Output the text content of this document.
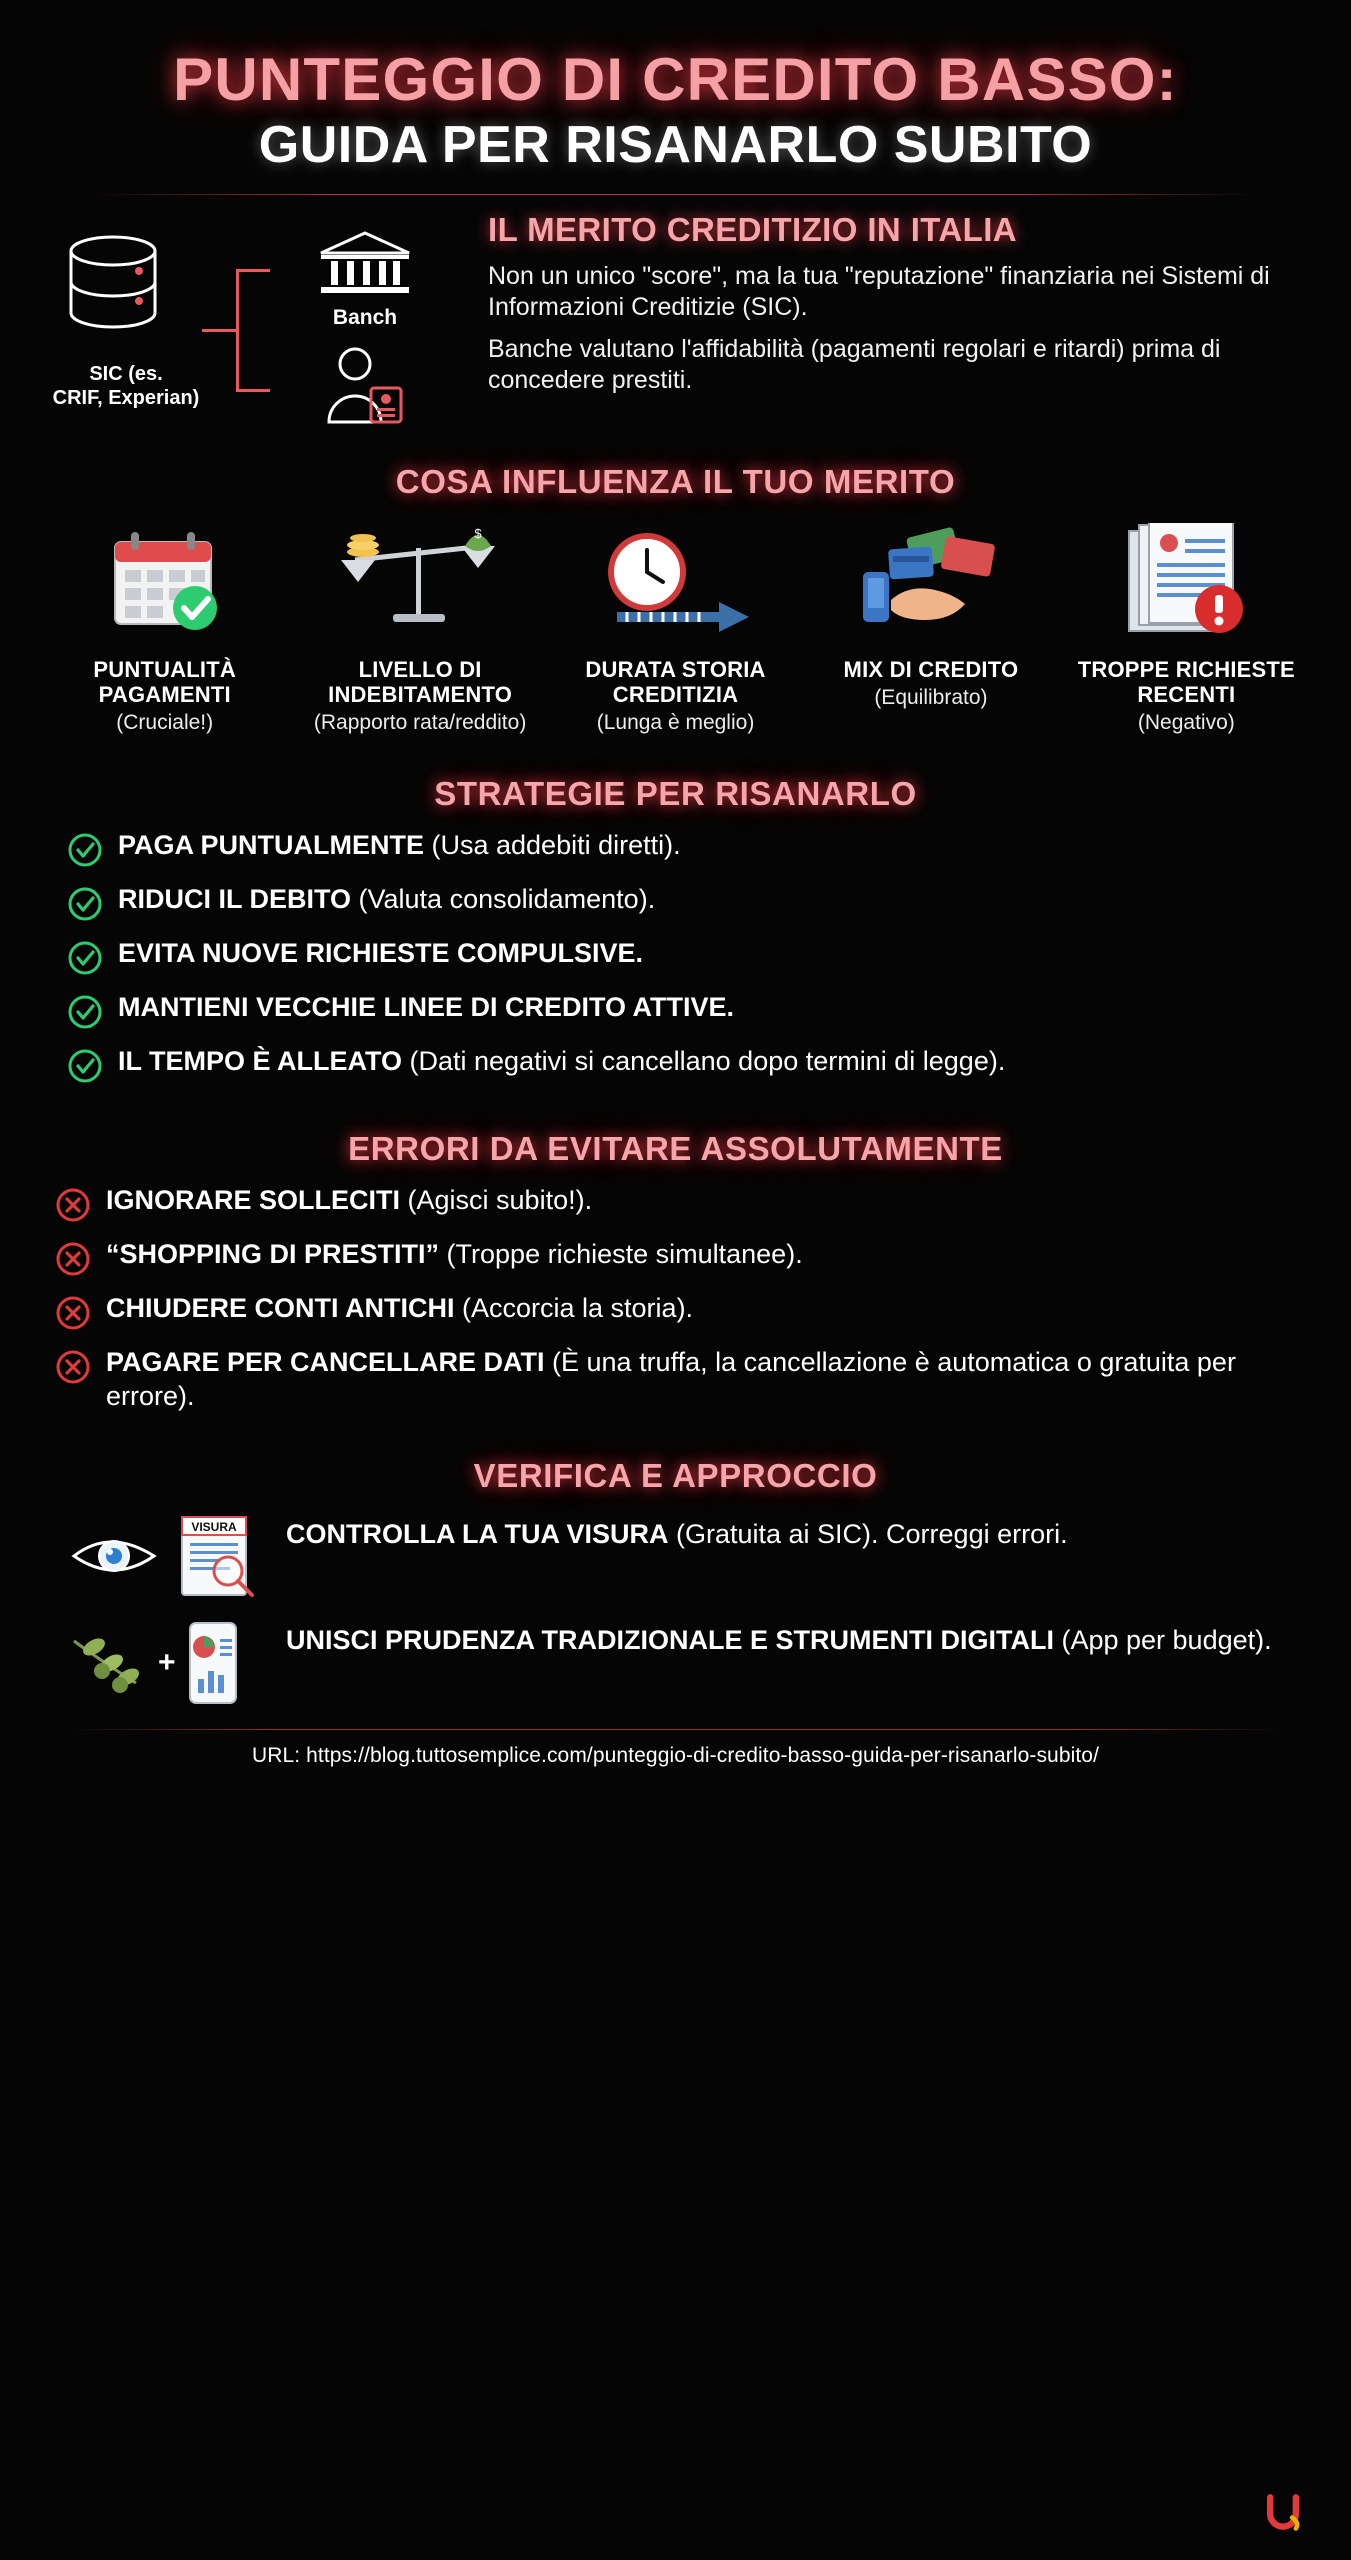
PUNTEGGIO DI CREDITO BASSO:
GUIDA PER RISANARLO SUBITO
SIC (es.
CRIF, Experian)
Banch
IL MERITO CREDITIZIO IN ITALIA

Non un unico "score", ma la tua "reputazione" finanziaria nei Sistemi di Informazioni Creditizie (SIC).

Banche valutano l'affidabilità (pagamenti regolari e ritardi) prima di concedere prestiti.

COSA INFLUENZA IL TUO MERITO
PUNTUALITÀ PAGAMENTI
(Cruciale!)
$
LIVELLO DI INDEBITAMENTO
(Rapporto rata/reddito)
DURATA STORIA CREDITIZIA
(Lunga è meglio)
MIX DI CREDITO
(Equilibrato)
TROPPE RICHIESTE RECENTI
(Negativo)
STRATEGIE PER RISANARLO
PAGA PUNTUALMENTE (Usa addebiti diretti).
RIDUCI IL DEBITO (Valuta consolidamento).
EVITA NUOVE RICHIESTE COMPULSIVE.
MANTIENI VECCHIE LINEE DI CREDITO ATTIVE.
IL TEMPO È ALLEATO (Dati negativi si cancellano dopo termini di legge).
ERRORI DA EVITARE ASSOLUTAMENTE
IGNORARE SOLLECITI (Agisci subito!).
“SHOPPING DI PRESTITI” (Troppe richieste simultanee).
CHIUDERE CONTI ANTICHI (Accorcia la storia).
PAGARE PER CANCELLARE DATI (È una truffa, la cancellazione è automatica o gratuita per errore).
VERIFICA E APPROCCIO
VISURA CONTROLLA LA TUA VISURA (Gratuita ai SIC). Correggi errori.
+
UNISCI PRUDENZA TRADIZIONALE E STRUMENTI DIGITALI (App per budget).
URL: https://blog.tuttosemplice.com/punteggio-di-credito-basso-guida-per-risanarlo-subito/
